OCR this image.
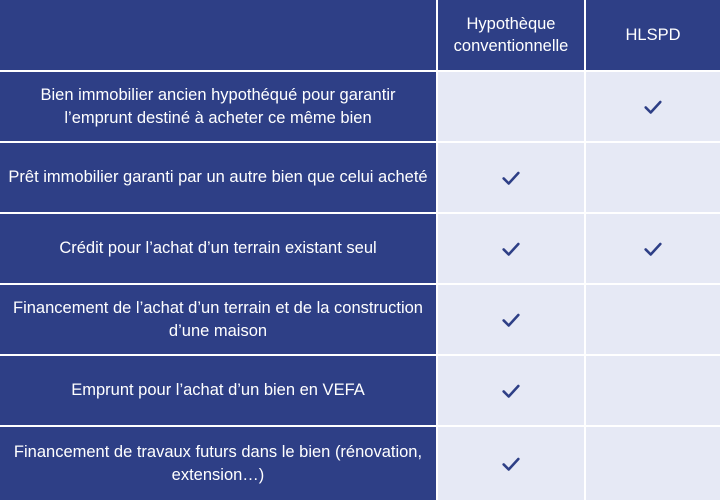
Hypothèque conventionnelle
HLSPD
Bien immobilier ancien hypothéqué pour garantir l’emprunt destiné à acheter ce même bien
Prêt immobilier garanti par un autre bien que celui acheté
Crédit pour l’achat d’un terrain existant seul
Financement de l’achat d’un terrain et de la construction d’une maison
Emprunt pour l’achat d’un bien en VEFA
Financement de travaux futurs dans le bien (rénovation, extension…)
